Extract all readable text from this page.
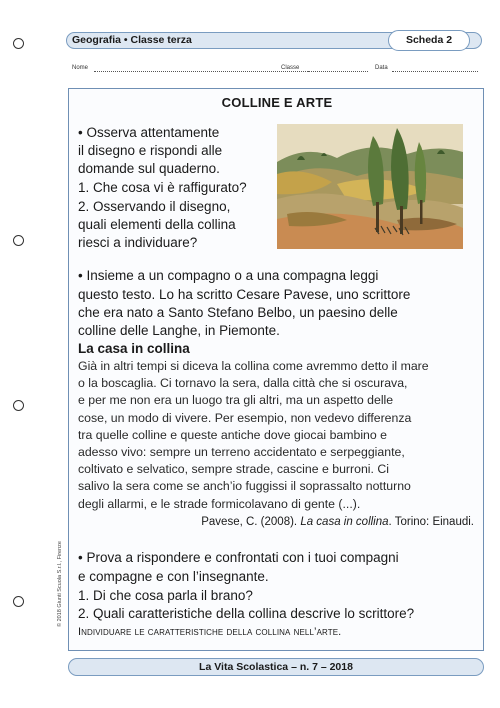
Geografia • Classe terza	Scheda 2
Nome	Classe	Data
COLLINE E ARTE
• Osserva attentamente
il disegno e rispondi alle
domande sul quaderno.
1. Che cosa vi è raffigurato?
2. Osservando il disegno,
quali elementi della collina
riesci a individuare?
• Insieme a un compagno o a una compagna leggi
questo testo. Lo ha scritto Cesare Pavese, uno scrittore
che era nato a Santo Stefano Belbo, un paesino delle
colline delle Langhe, in Piemonte.
La casa in collina
Già in altri tempi si diceva la collina come avremmo detto il mare
o la boscaglia. Ci tornavo la sera, dalla città che si oscurava,
e per me non era un luogo tra gli altri, ma un aspetto delle
cose, un modo di vivere. Per esempio, non vedevo differenza
tra quelle colline e queste antiche dove giocai bambino e
adesso vivo: sempre un terreno accidentato e serpeggiante,
coltivato e selvatico, sempre strade, cascine e burroni. Ci
salivo la sera come se anch’io fuggissi il soprassalto notturno
degli allarmi, e le strade formicolavano di gente (...).
Pavese, C. (2008). La casa in collina. Torino: Einaudi.
• Prova a rispondere e confrontati con i tuoi compagni
e compagne e con l’insegnante.
1. Di che cosa parla il brano?
2. Quali caratteristiche della collina descrive lo scrittore?
Individuare le caratteristiche della collina nell’arte.
© 2018 Giunti Scuola S.r.l., Firenze
La Vita Scolastica – n. 7 – 2018
